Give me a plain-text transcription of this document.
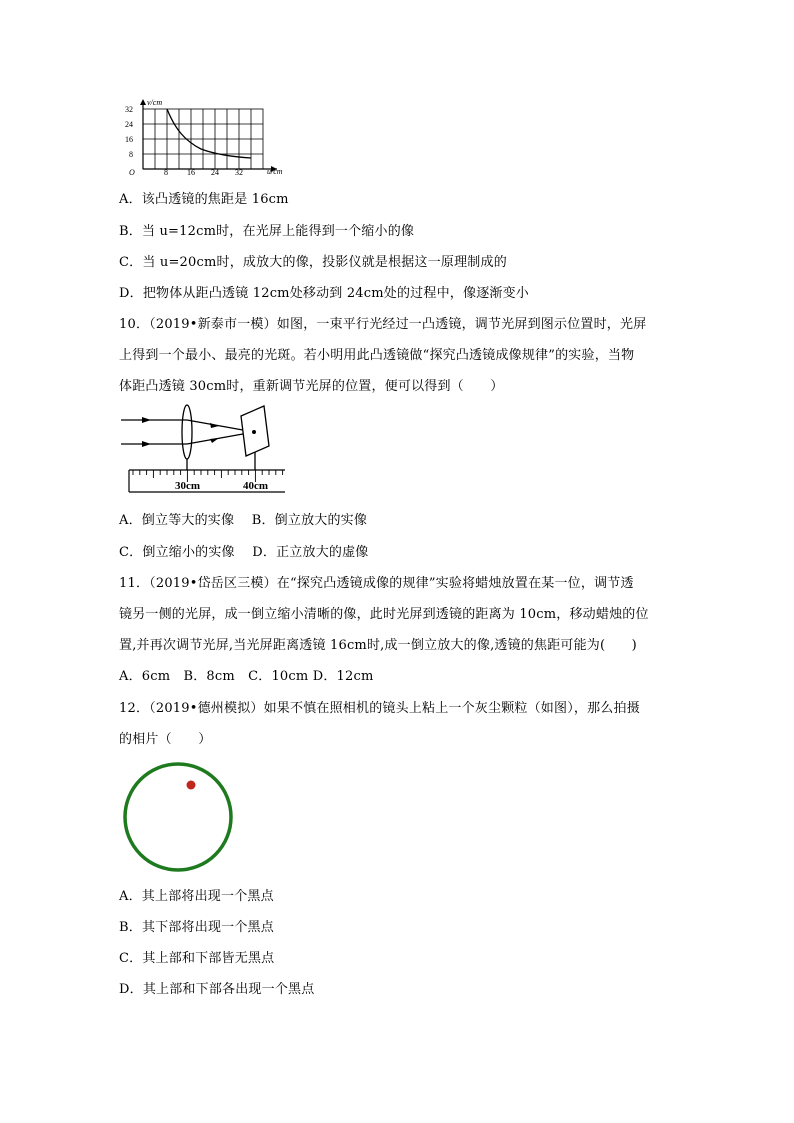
v/cm
u/cm
O
32
24
16
8
8 16 24 32
A．该凸透镜的焦距是 16cm
B．当 u=12cm时，在光屏上能得到一个缩小的像
C．当 u=20cm时，成放大的像，投影仪就是根据这一原理制成的
D．把物体从距凸透镜 12cm处移动到 24cm处的过程中，像逐渐变小
10．（2019•新泰市一模）如图，一束平行光经过一凸透镜，调节光屏到图示位置时，光屏
上得到一个最小、最亮的光斑。若小明用此凸透镜做“探究凸透镜成像规律”的实验，当物
体距凸透镜 30cm时，重新调节光屏的位置，便可以得到（　　）
30cm	40cm
A．倒立等大的实像　 B．倒立放大的实像
C．倒立缩小的实像　 D．正立放大的虚像
11．（2019•岱岳区三模）在“探究凸透镜成像的规律”实验将蜡烛放置在某一位，调节透
镜另一侧的光屏，成一倒立缩小清晰的像，此时光屏到透镜的距离为 10cm，移动蜡烛的位
置,并再次调节光屏,当光屏距离透镜 16cm时,成一倒立放大的像,透镜的焦距可能为(　　)
A．6cm　B．8cm　C．10cm D．12cm
12．（2019•德州模拟）如果不慎在照相机的镜头上粘上一个灰尘颗粒（如图），那么拍摄
的相片（　　）
A．其上部将出现一个黑点
B．其下部将出现一个黑点
C．其上部和下部皆无黑点
D．其上部和下部各出现一个黑点
